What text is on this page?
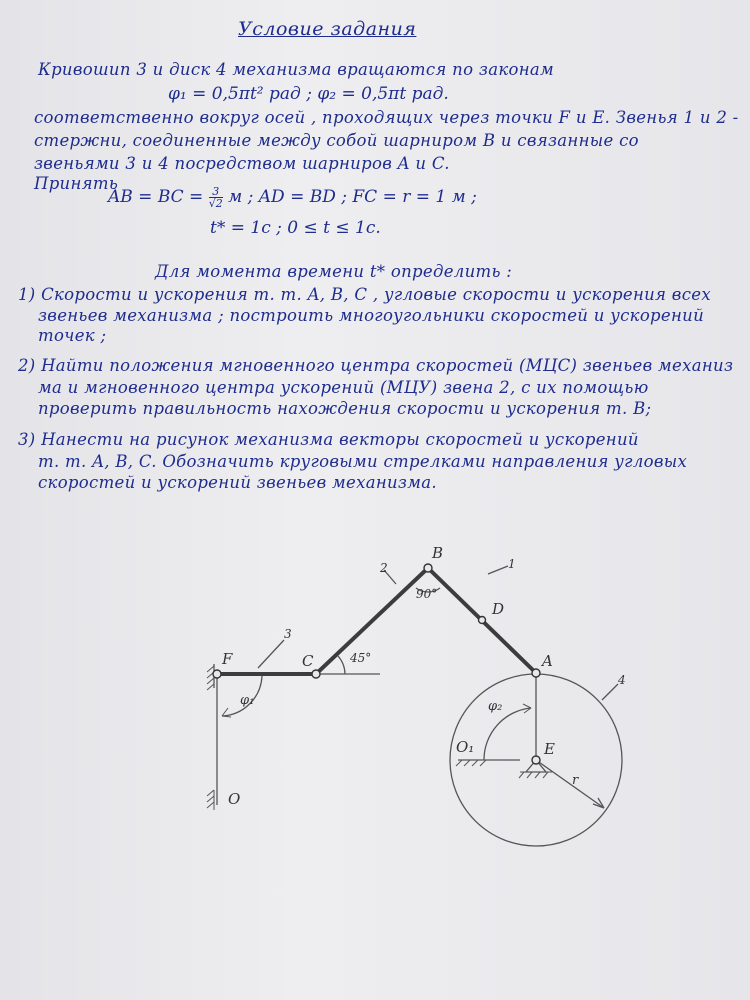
Условие задания
Кривошип 3 и диск 4 механизма вращаются по законам
φ₁ = 0,5πt² рад ; φ₂ = 0,5πt рад.
соответственно вокруг осей , проходящих через точки F и E. Звенья 1 и 2 -
стержни, соединенные между собой шарниром B и связанные со
звеньями 3 и 4 посредством шарниров A и C.
Принять
AB = BC = $\frac{3}{√2}$ м ; AD = BD ; FC = r = 1 м ;
t* = 1c ; 0 ≤ t ≤ 1c.
Для момента времени t* определить :
1) Скорости и ускорения т. т. A, B, C , угловые скорости и ускорения всех
звеньев механизма ; построить многоугольники скоростей и ускорений
точек ;
2) Найти положения мгновенного центра скоростей (МЦС) звеньев механиз
ма и мгновенного центра ускорений (МЦУ) звена 2, с их помощью
проверить правильность нахождения скорости и ускорения т. B;
3) Нанести на рисунок механизма векторы скоростей и ускорений
т. т. A, B, C. Обозначить круговыми стрелками направления угловых
скоростей и ускорений звеньев механизма.
F	C
B
A
D
E
O
O₁
1
2
3
4
φ₁	φ₂
r
90°
45°
